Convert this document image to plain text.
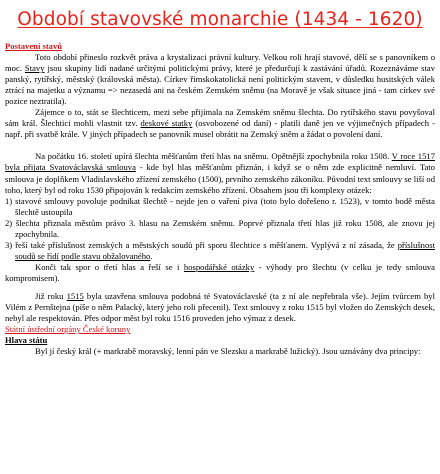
Období stavovské monarchie (1434 - 1620)

Postavení stavů

Toto období přineslo rozkvět práva a krystalizaci právní kultury. Velkou roli hrají stavové, dělí se s panovníkem o moc. Stavy jsou skupiny lidí nadané určitými politickými právy, které je předurčují k zastávání úřadů. Rozeznáváme stav panský, rytířský, městský (královská města). Církev římskokatolická není politickým stavem, v důsledku husitských válek ztrácí na majetku a významu => nezasedá ani na českém Zemském sněmu (na Moravě je však situace jiná - tam církev své pozice neztratila).

Zájemce o to, stát se šlechticem, mezi sebe přijímala na Zemském sněmu šlechta. Do rytířského stavu povyšoval sám král. Šlechtici mohli vlastnit tzv. deskové statky (osvobozené od daní) - platili daně jen ve výjimečných případech - např. při svatbě krále. V jiných případech se panovník musel obrátit na Zemský sněm a žádat o povolení daní.

Na počátku 16. století upírá šlechta měšťanům třetí hlas na sněmu. Opětnější zpochybnila roku 1508. V roce 1517 byla přijata Svatováclavská smlouva - kde byl hlas měšťanům přiznán, i když se o něm zde explicitně nemluví. Tato smlouva je doplňkem Vladislavského zřízení zemského (1500), prvního zemského zákoníku. Původní text smlouvy se liší od toho, který byl od roku 1530 připojován k redakcím zemského zřízení. Obsahem jsou tři komplexy otázek:

1) stavové smlouvy povoluje podnikat šlechtě - nejde jen o vaření piva (toto bylo dořešeno r. 1523), v tomto bodě města šlechtě ustoupila

2) šlechta přiznala městům právo 3. hlasu na Zemském sněmu. Poprvé přiznala třetí hlas již roku 1508, ale znovu jej zpochybnila.

3) řeší také příslušnost zemských a městských soudů při sporu šlechtice s měšťanem. Vyplývá z ní zásada, že příslušnost soudů se řídí podle stavu obžalovaného.

Konči tak spor o třetí hlas a řeší se i hospodářské otázky - výhody pro šlechtu (v celku je tedy smlouva kompromisem).

Již roku 1515 byla uzavřena smlouva podobná té Svatováclavské (ta z ní ale nepřebrala vše). Jejím tvůrcem byl Vilém z Pernštejna (píše o něm Palacký, který jeho roli přecenil). Text smlouvy z roku 1515 byl vložen do Zemských desek, nebyl ale respektován. Přes odpor měst byl roku 1516 proveden jeho výmaz z desek.

Státní ústřední orgány České koruny

Hlava státu

Byl jí český král (+ markrabě moravský, lenní pán ve Slezsku a markrabě lužický). Jsou uznávány dva principy:
